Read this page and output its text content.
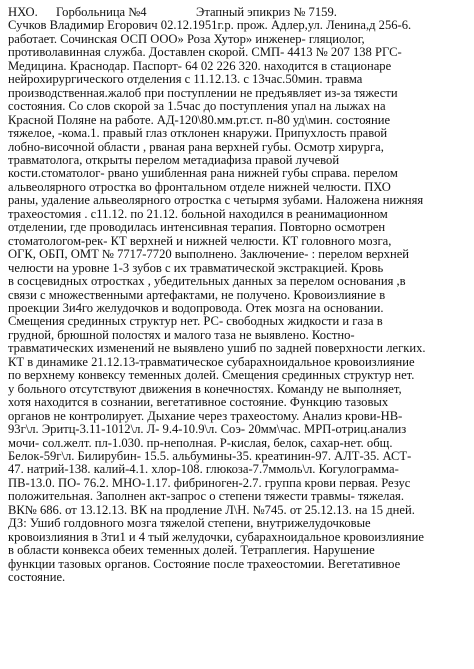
НХО.	Горбольница №4	Этапный эпикриз № 7159.
Сучков Владимир Егорович 02.12.1951г.р. прож. Адлер,ул. Ленина,д 256-6.
работает. Сочинская ОСП ООО» Роза Хутор» инженер- гляциолог,
противолавинная служба. Доставлен скорой. СМП- 4413 № 207 138 РГС-
Медицина. Краснодар. Паспорт- 64 02 226 320. находится в стационаре
нейрохирургического отделения с 11.12.13. с 13час.50мин. травма
производственная.жалоб при поступлении не предъявляет из-за тяжести
состояния. Со слов скорой за 1.5час до поступления упал на лыжах на
Красной Поляне на работе. АД-120\80.мм.рт.ст. п-80 уд\мин. состояние
тяжелое, -кома.1. правый глаз отклонен кнаружи. Припухлость правой
лобно-височной области , рваная рана верхней губы. Осмотр хирурга,
травматолога, открыты перелом метадиафиза правой лучевой
кости.стоматолог- рвано ушибленная рана нижней губы справа. перелом
альвеолярного отростка во фронтальном отделе нижней челюсти. ПХО
раны, удаление альвеолярного отростка с четырмя зубами. Наложена нижняя
трахеостомия . с11.12. по 21.12. больной находился в реанимационном
отделении, где проводилась интенсивная терапия. Повторно осмотрен
стоматологом-рек- КТ верхней и нижней челюсти. КТ головного мозга,
ОГК, ОБП, ОМТ № 7717-7720 выполнено. Заключение- : перелом верхней
челюсти на уровне 1-3 зубов с их травматической экстракцией. Кровь
в сосцевидных отростках , убедительных данных за перелом основания ,в
связи с множественными артефактами, не получено. Кровоизлияние в
проекции 3и4го желудочков и водопровода. Отек мозга на основании.
Смещения срединных структур нет. РС- свободных жидкости и газа в
грудной, брюшной полостях и малого таза не выявлено. Костно-
травматических изменений не выявлено ушиб по задней поверхности легких.
КТ в динамике 21.12.13-травматическое субарахноидальное кровоизлияние
по верхнему конвексу теменных долей. Смещения срединных структур нет.
у больного отсутствуют движения в конечностях. Команду не выполняет,
хотя находится в сознании, вегетативное состояние. Функцию тазовых
органов не контролирует. Дыхание через трахеостому. Анализ крови-НВ-
93г\л. Эритц-3.11-1012\л. Л- 9.4-10.9\л. Соэ- 20мм\час. МРП-отриц.анализ
мочи- сол.желт. пл-1.030. пр-неполная. Р-кислая, белок, сахар-нет. общ.
Белок-59г\л. Билирубин- 15.5. альбумины-35. креатинин-97. АЛТ-35. АСТ-
47. натрий-138. калий-4.1. хлор-108. глюкоза-7.7ммоль\л. Когулограмма-
ПВ-13.0. ПО- 76.2. МНО-1.17. фибриноген-2.7. группа крови первая. Резус
положительная. Заполнен акт-запрос о степени тяжести травмы- тяжелая.
ВК№ 686. от 13.12.13. ВК на продление Л\Н. №745. от 25.12.13. на 15 дней.
ДЗ: Ушиб голдовного мозга тяжелой степени, внутрижелудочковые
кровоизлияния в 3ти1 и 4 тый желудочки, субарахноидальное кровоизлияние
в области конвекса обеих теменных долей. Тетраплегия. Нарушение
функции тазовых органов. Состояние после трахеостомии. Вегетативное
состояние.
